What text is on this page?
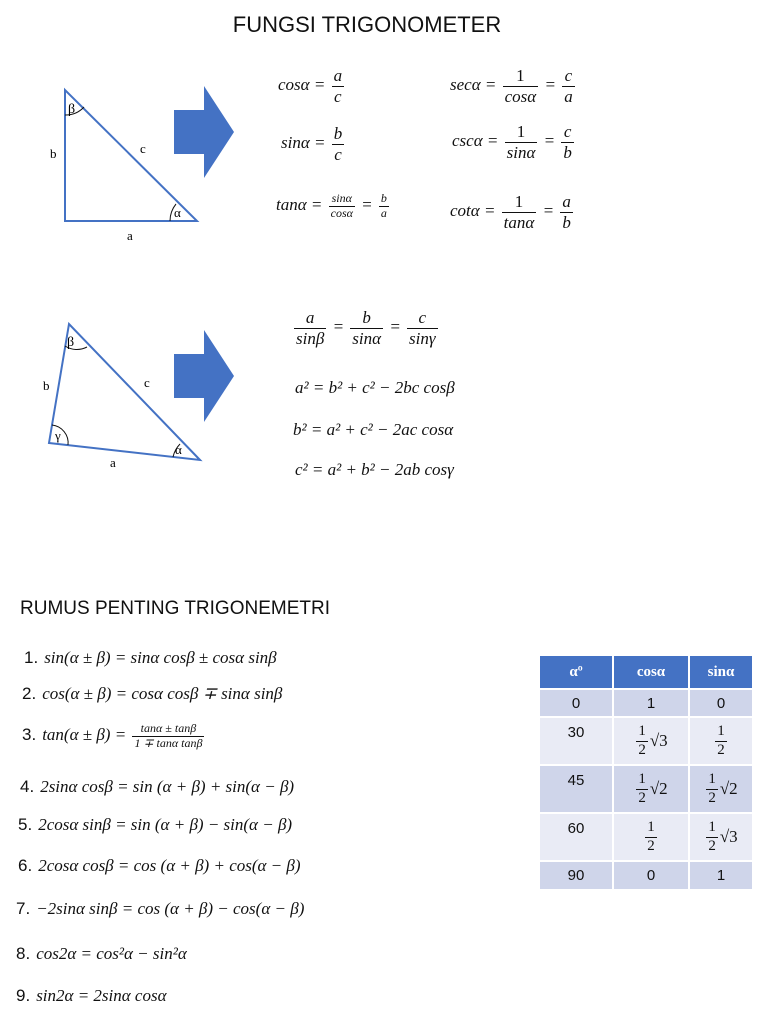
FUNGSI TRIGONOMETER
β
α
b	c
a
$\cos\alpha = \frac{a}{c}$
$\sin\alpha = \frac{b}{c}$
$\tan\alpha = \frac{\sin\alpha}{\cos\alpha} = \frac{b}{a}$
$\sec\alpha = \frac{1}{\cos\alpha} = \frac{c}{a}$
$\csc\alpha = \frac{1}{\sin\alpha} = \frac{c}{b}$
$\cot\alpha = \frac{1}{\tan\alpha} = \frac{a}{b}$
β
γ
α
b	c
a
$\frac{a}{\sin\beta} = \frac{b}{\sin\alpha} = \frac{c}{\sin\gamma}$
a² = b² + c² − 2bc cosβ
b² = a² + c² − 2ac cosα
c² = a² + b² − 2ab cosγ
RUMUS PENTING TRIGONEMETRI
1. sin(α ± β) = sinα cosβ ± cosα sinβ
2. cos(α ± β) = cosα cosβ ∓ sinα sinβ
3. $\tan(\alpha \pm \beta) = \frac{\tan\alpha \pm \tan\beta}{\text{1 ∓ tanα tanβ}}$
4. 2sinα cosβ = sin (α + β) + sin(α − β)
5. 2cosα sinβ = sin (α + β) − sin(α − β)
6. 2cosα cosβ = cos (α + β) + cos(α − β)
7. −2sinα sinβ = cos (α + β) − cos(α − β)
8. cos2α = cos²α − sin²α
9. sin2α = 2sinα cosα
αº	cosα	sinα
0	1	0
30	$\frac{1}{2} √3$	$\frac{1}{2}$

45	$\frac{1}{2} √2$	$\frac{1}{2} √2$
60	$\frac{1}{2}$	$\frac{1}{2} √3$
90	0	1
